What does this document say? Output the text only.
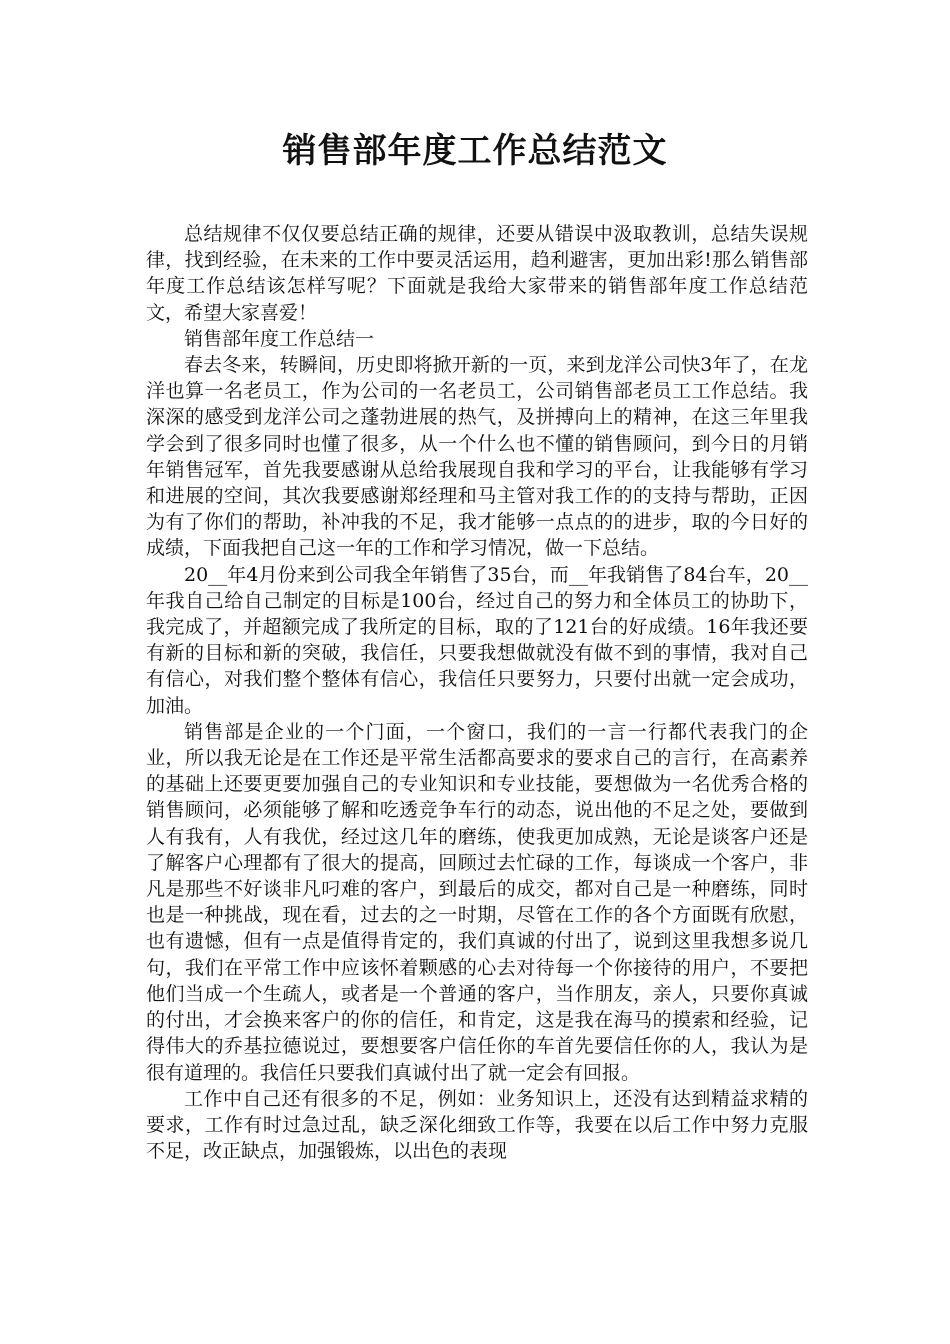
销售部年度工作总结范文

总结规律不仅仅要总结正确的规律，还要从错误中汲取教训，总结失误规律，找到经验，在未来的工作中要灵活运用，趋利避害，更加出彩!那么销售部年度工作总结该怎样写呢？下面就是我给大家带来的销售部年度工作总结范文，希望大家喜爱！

销售部年度工作总结一

春去冬来，转瞬间，历史即将掀开新的一页，来到龙洋公司快3年了，在龙洋也算一名老员工，作为公司的一名老员工，公司销售部老员工工作总结。我深深的感受到龙洋公司之蓬勃进展的热气，及拼搏向上的精神，在这三年里我学会到了很多同时也懂了很多，从一个什么也不懂的销售顾问，到今日的月销年销售冠军，首先我要感谢从总给我展现自我和学习的平台，让我能够有学习和进展的空间，其次我要感谢郑经理和马主管对我工作的的支持与帮助，正因为有了你们的帮助，补冲我的不足，我才能够一点点的的进步，取的今日好的成绩，下面我把自己这一年的工作和学习情况，做一下总结。

20__年4月份来到公司我全年销售了35台，而__年我销售了84台车，20__年我自己给自己制定的目标是100台，经过自己的努力和全体员工的协助下，我完成了，并超额完成了我所定的目标，取的了121台的好成绩。16年我还要有新的目标和新的突破，我信任，只要我想做就没有做不到的事情，我对自己有信心，对我们整个整体有信心，我信任只要努力，只要付出就一定会成功，加油。

销售部是企业的一个门面，一个窗口，我们的一言一行都代表我门的企业，所以我无论是在工作还是平常生活都高要求的要求自己的言行，在高素养的基础上还要更要加强自己的专业知识和专业技能，要想做为一名优秀合格的销售顾问，必须能够了解和吃透竞争车行的动态，说出他的不足之处，要做到人有我有，人有我优，经过这几年的磨练，使我更加成熟，无论是谈客户还是了解客户心理都有了很大的提高，回顾过去忙碌的工作，每谈成一个客户，非凡是那些不好谈非凡叼难的客户，到最后的成交，都对自己是一种磨练，同时也是一种挑战，现在看，过去的之一时期，尽管在工作的各个方面既有欣慰，也有遗憾，但有一点是值得肯定的，我们真诚的付出了，说到这里我想多说几句，我们在平常工作中应该怀着颗感的心去对待每一个你接待的用户，不要把他们当成一个生疏人，或者是一个普通的客户，当作朋友，亲人，只要你真诚的付出，才会换来客户的你的信任，和肯定，这是我在海马的摸索和经验，记得伟大的乔基拉德说过，要想要客户信任你的车首先要信任你的人，我认为是很有道理的。我信任只要我们真诚付出了就一定会有回报。

工作中自己还有很多的不足，例如：业务知识上，还没有达到精益求精的要求，工作有时过急过乱，缺乏深化细致工作等，我要在以后工作中努力克服不足，改正缺点，加强锻炼，以出色的表现
